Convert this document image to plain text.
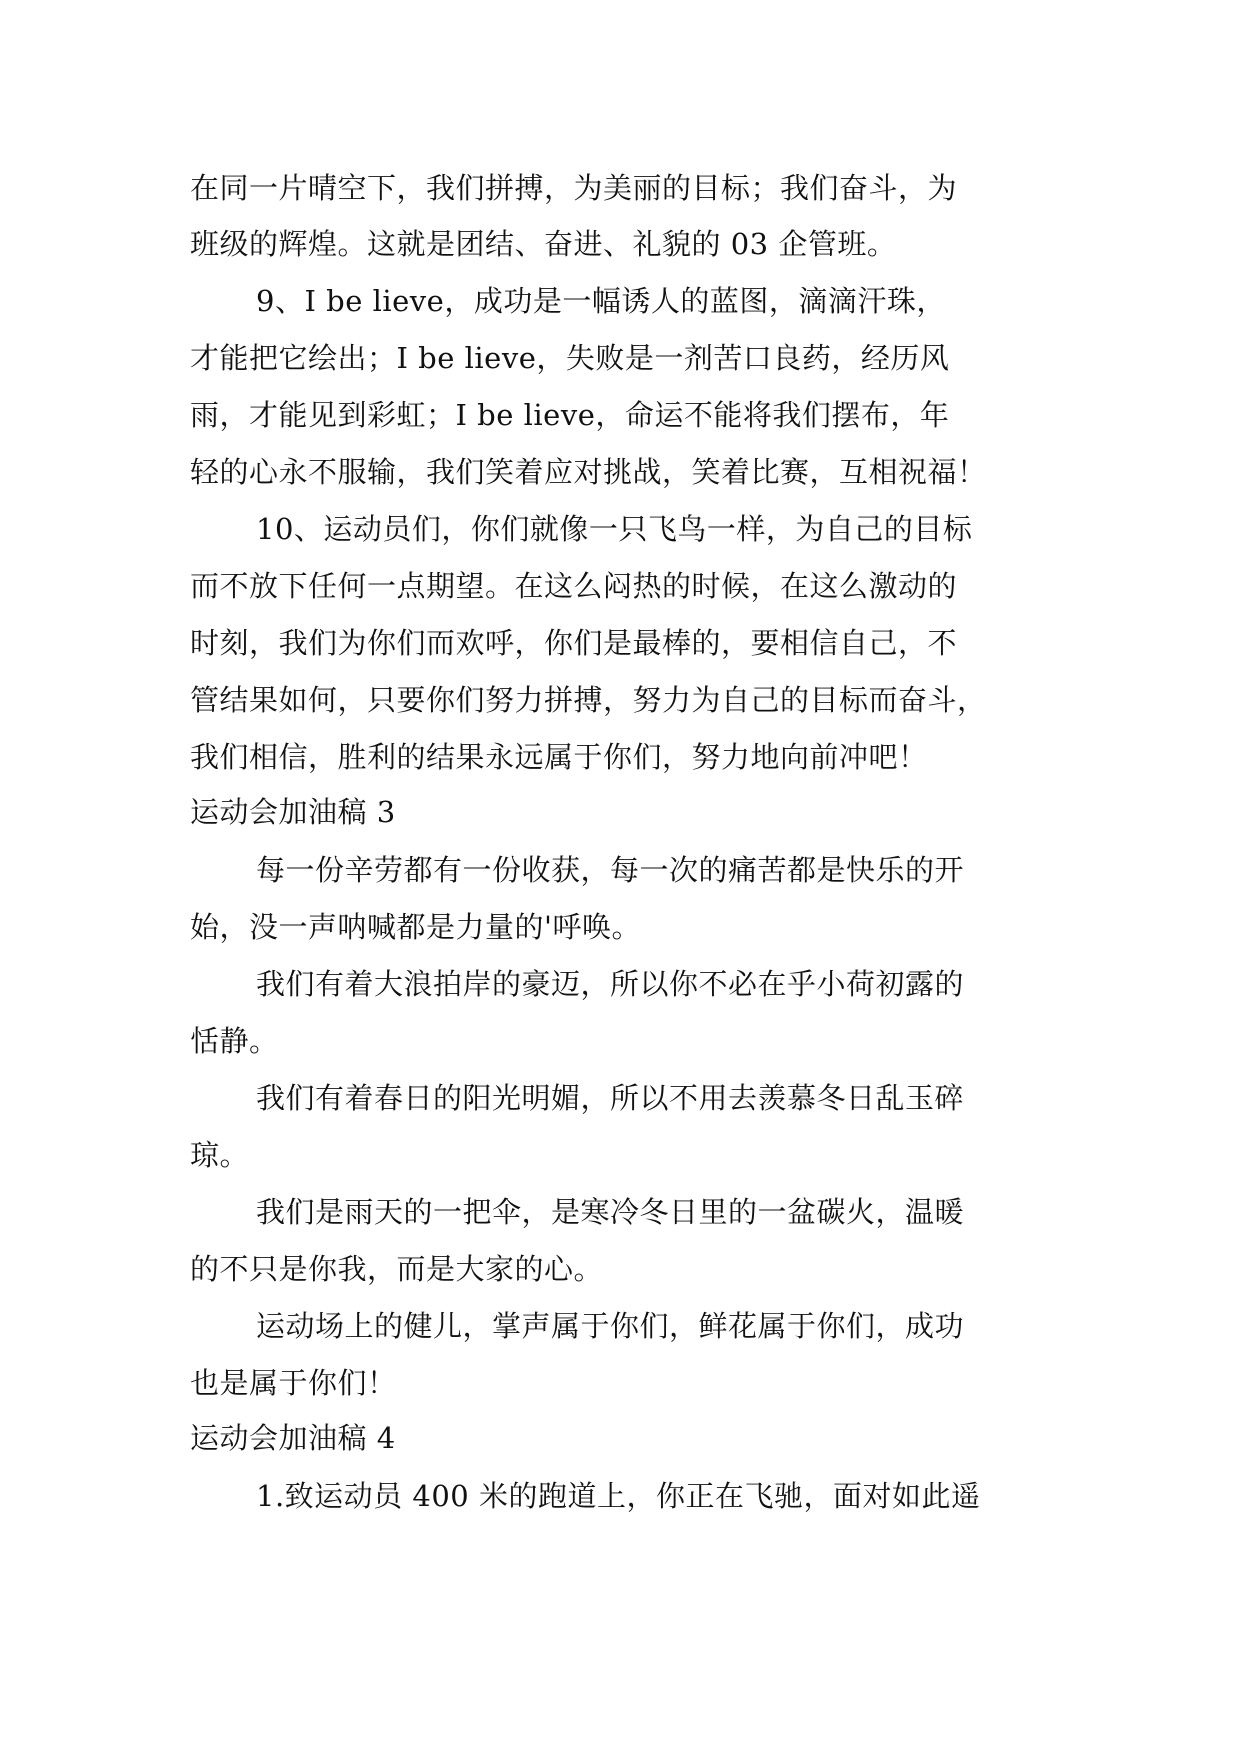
在同一片晴空下，我们拼搏，为美丽的目标；我们奋斗，为
班级的辉煌。这就是团结、奋进、礼貌的 03 企管班。
9、I be lieve，成功是一幅诱人的蓝图，滴滴汗珠，
才能把它绘出；I be lieve，失败是一剂苦口良药，经历风
雨，才能见到彩虹；I be lieve，命运不能将我们摆布，年
轻的心永不服输，我们笑着应对挑战，笑着比赛，互相祝福！
10、运动员们，你们就像一只飞鸟一样，为自己的目标
而不放下任何一点期望。在这么闷热的时候，在这么激动的
时刻，我们为你们而欢呼，你们是最棒的，要相信自己，不
管结果如何，只要你们努力拼搏，努力为自己的目标而奋斗，
我们相信，胜利的结果永远属于你们，努力地向前冲吧！
运动会加油稿 3
每一份辛劳都有一份收获，每一次的痛苦都是快乐的开
始，没一声呐喊都是力量的'呼唤。
我们有着大浪拍岸的豪迈，所以你不必在乎小荷初露的
恬静。
我们有着春日的阳光明媚，所以不用去羡慕冬日乱玉碎
琼。
我们是雨天的一把伞，是寒冷冬日里的一盆碳火，温暖
的不只是你我，而是大家的心。
运动场上的健儿，掌声属于你们，鲜花属于你们，成功
也是属于你们！
运动会加油稿 4
1.致运动员 400 米的跑道上，你正在飞驰，面对如此遥
